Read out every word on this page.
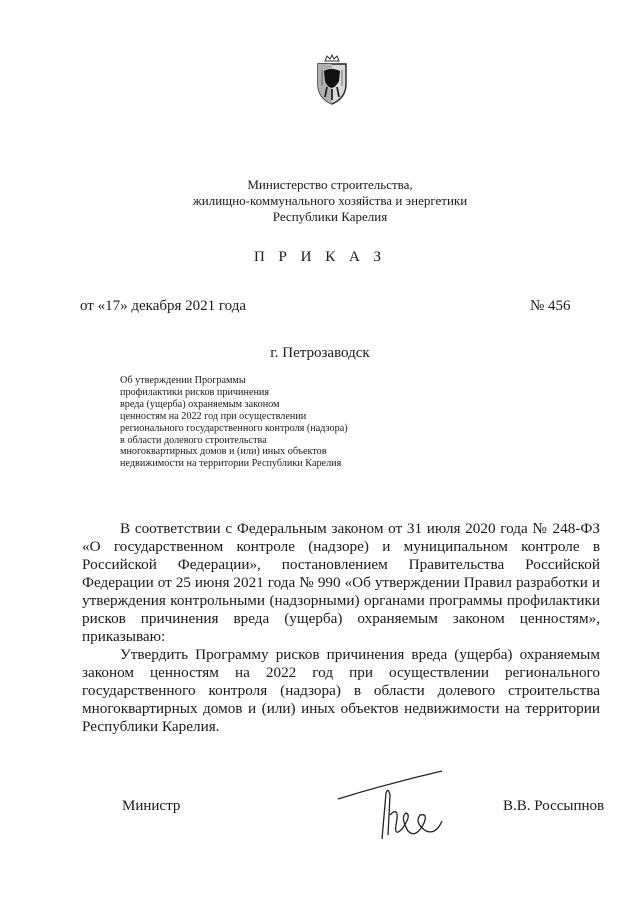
Министерство строительства,
жилищно-коммунального хозяйства и энергетики
Республики Карелия
П Р И К А З
от «17» декабря 2021 года	№ 456
г. Петрозаводск
Об утверждении Программы
профилактики рисков причинения
вреда (ущерба) охраняемым законом
ценностям на 2022 год при осуществлении
регионального государственного контроля (надзора)
в области долевого строительства
многоквартирных домов и (или) иных объектов
недвижимости на территории Республики Карелия
В соответствии с Федеральным законом от 31 июля 2020 года № 248-ФЗ
«О государственном контроле (надзоре) и муниципальном контроле в
Российской Федерации», постановлением Правительства Российской
Федерации от 25 июня 2021 года № 990 «Об утверждении Правил разработки и
утверждения контрольными (надзорными) органами программы профилактики
рисков причинения вреда (ущерба) охраняемым законом ценностям»,
приказываю:
Утвердить Программу рисков причинения вреда (ущерба) охраняемым
законом ценностям на 2022 год при осуществлении регионального
государственного контроля (надзора) в области долевого строительства
многоквартирных домов и (или) иных объектов недвижимости на территории
Республики Карелия.
Министр	В.В. Россыпнов
